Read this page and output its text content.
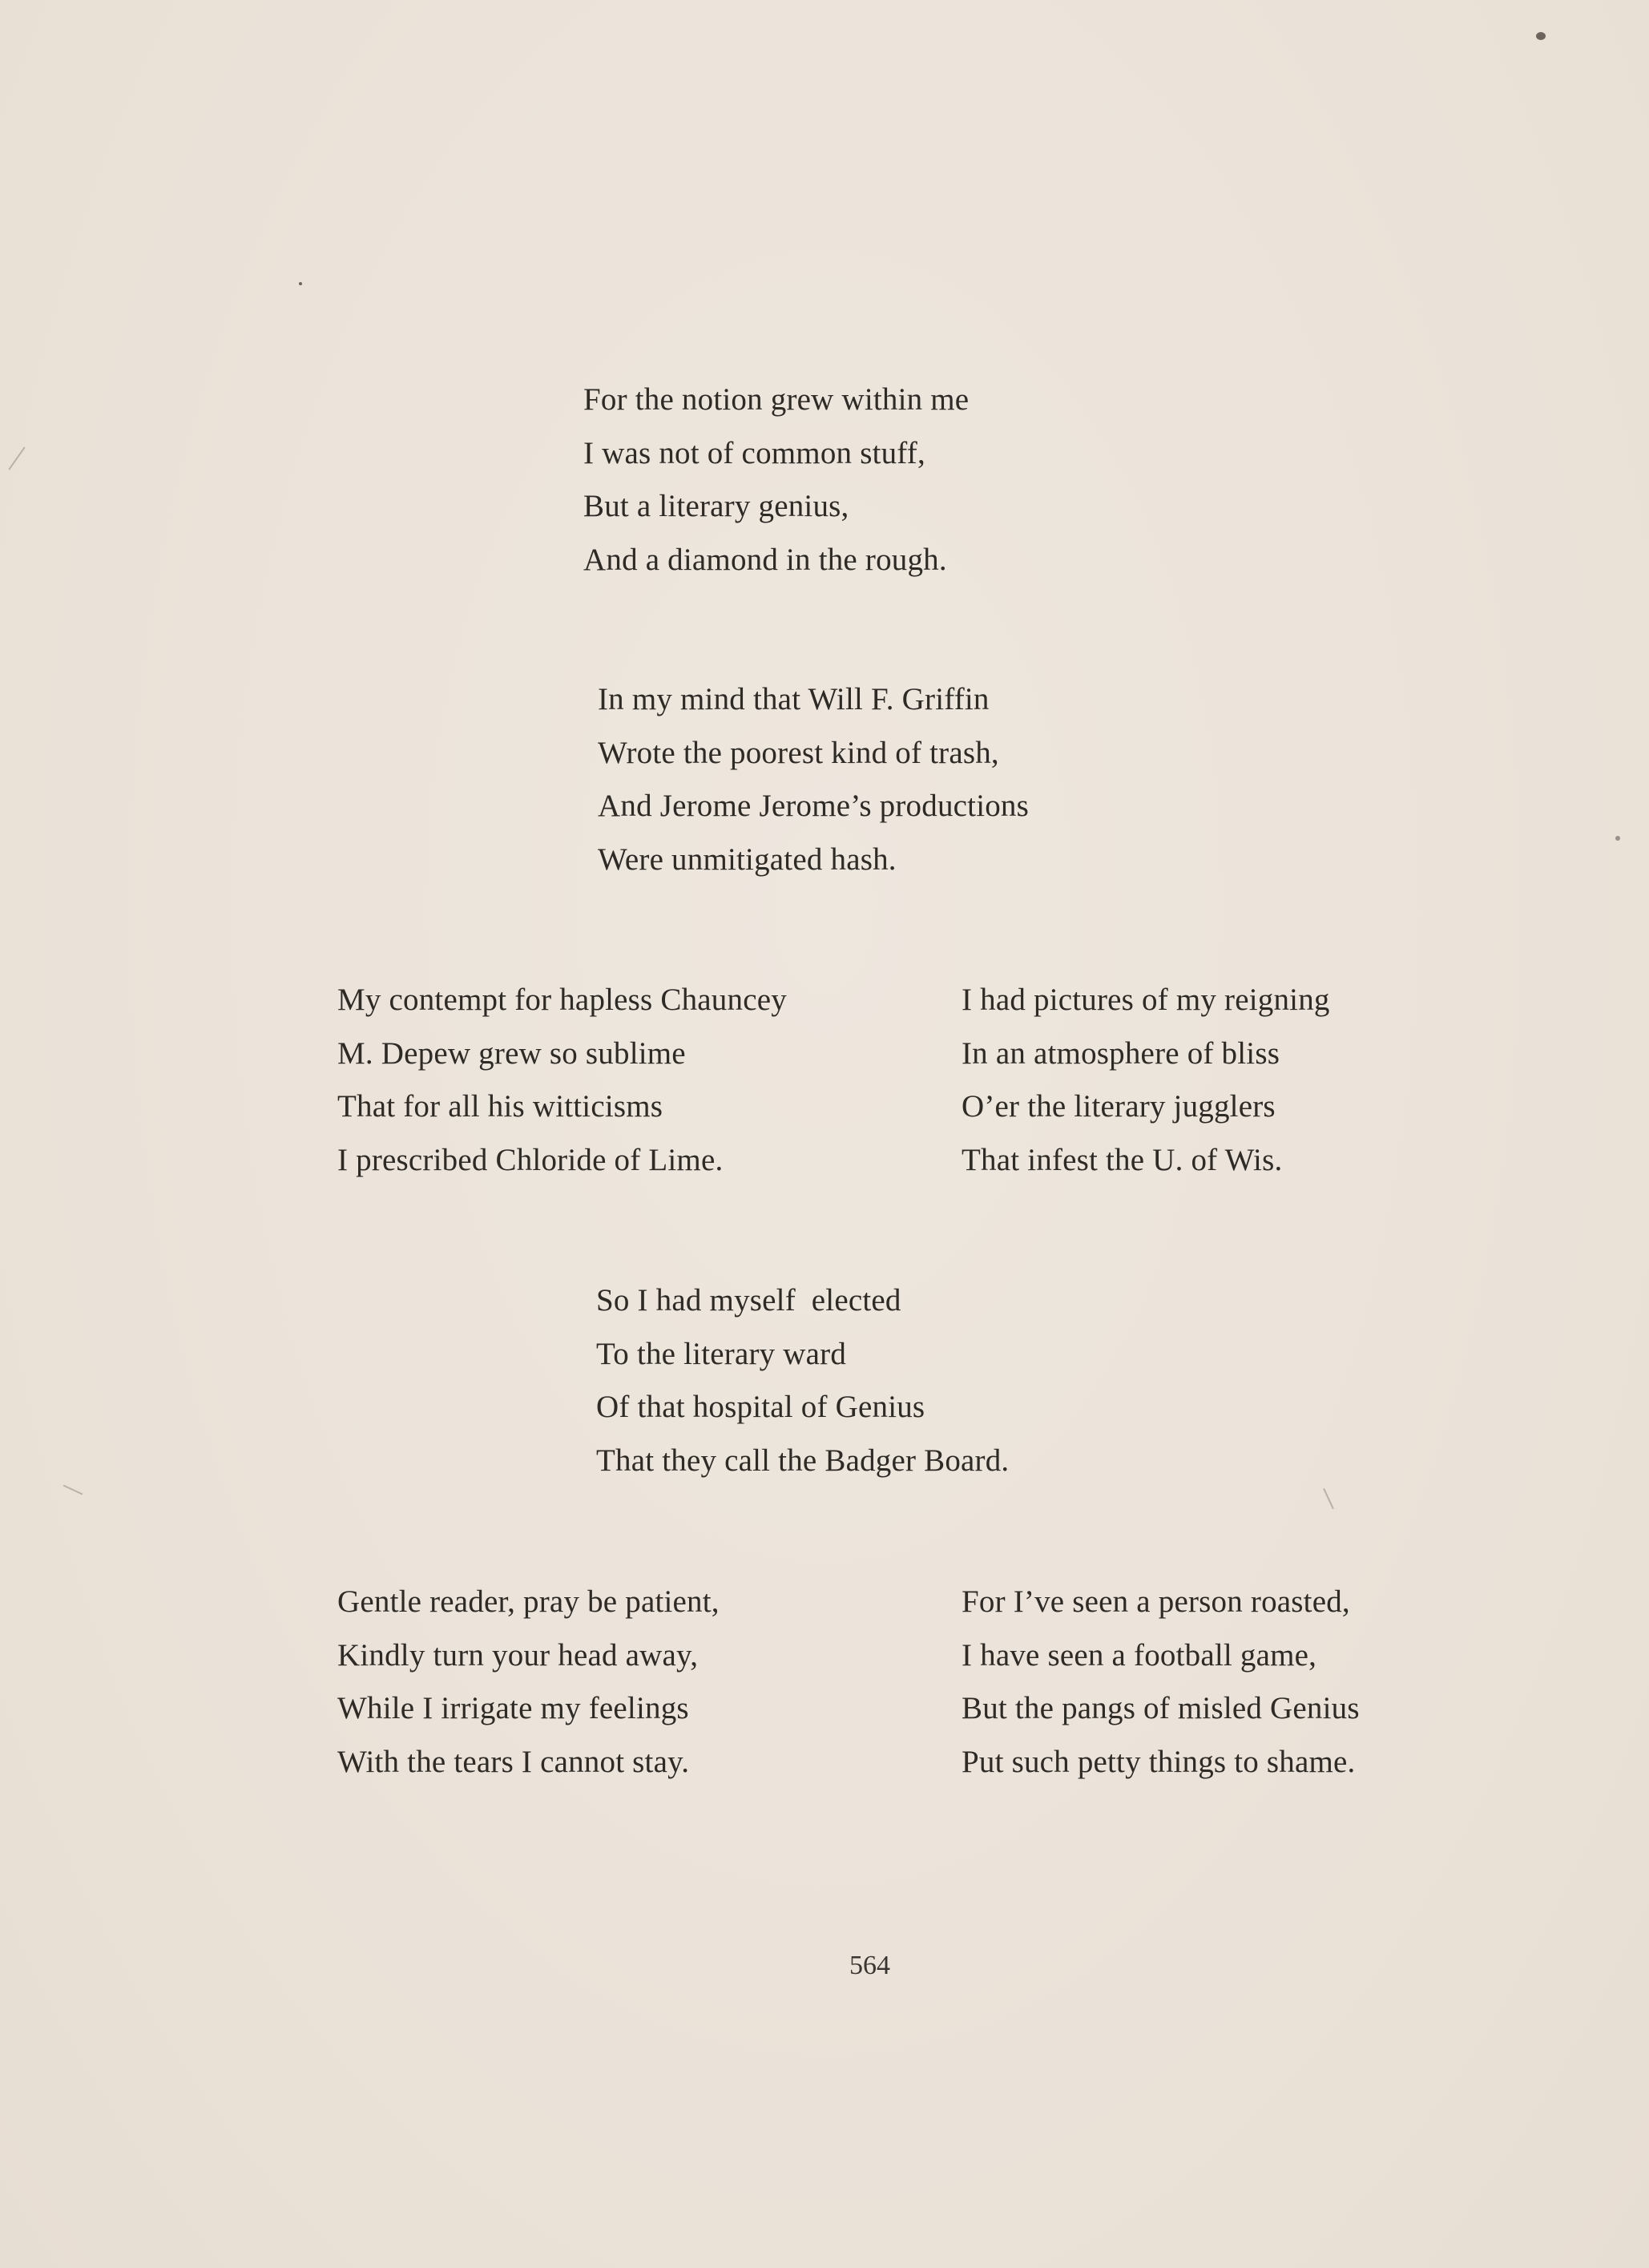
For the notion grew within me
I was not of common stuff,
But a literary genius,
And a diamond in the rough.
In my mind that Will F. Griffin
Wrote the poorest kind of trash,
And Jerome Jerome’s productions
Were unmitigated hash.
My contempt for hapless Chauncey
M. Depew grew so sublime
That for all his witticisms
I prescribed Chloride of Lime.
I had pictures of my reigning
In an atmosphere of bliss
O’er the literary jugglers
That infest the U. of Wis.
So I had myself  elected
To the literary ward
Of that hospital of Genius
That they call the Badger Board.
Gentle reader, pray be patient,
Kindly turn your head away,
While I irrigate my feelings
With the tears I cannot stay.
For I’ve seen a person roasted,
I have seen a football game,
But the pangs of misled Genius
Put such petty things to shame.
564
